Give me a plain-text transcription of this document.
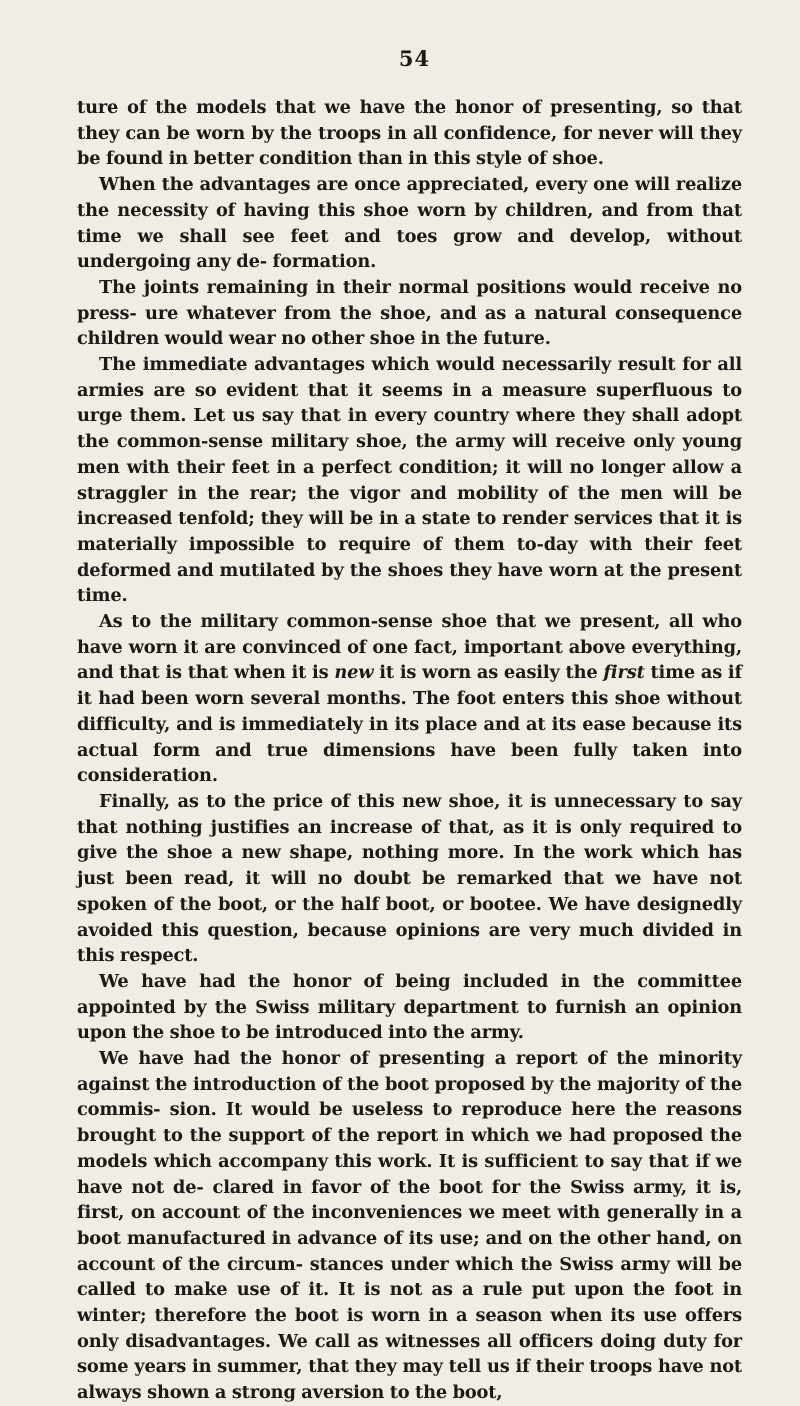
54

ture of the models that we have the honor of presenting, so that they can be worn by the troops in all confidence, for never will they be found in better condition than in this style of shoe.

When the advantages are once appreciated, every one will realize the necessity of having this shoe worn by children, and from that time we shall see feet and toes grow and develop, without undergoing any de- formation.

The joints remaining in their normal positions would receive no press- ure whatever from the shoe, and as a natural consequence children would wear no other shoe in the future.

The immediate advantages which would necessarily result for all armies are so evident that it seems in a measure superfluous to urge them. Let us say that in every country where they shall adopt the common-sense military shoe, the army will receive only young men with their feet in a perfect condition; it will no longer allow a straggler in the rear; the vigor and mobility of the men will be increased tenfold; they will be in a state to render services that it is materially impossible to require of them to-day with their feet deformed and mutilated by the shoes they have worn at the present time.

As to the military common-sense shoe that we present, all who have worn it are convinced of one fact, important above everything, and that is that when it is new it is worn as easily the first time as if it had been worn several months. The foot enters this shoe without difficulty, and is immediately in its place and at its ease because its actual form and true dimensions have been fully taken into consideration.

Finally, as to the price of this new shoe, it is unnecessary to say that nothing justifies an increase of that, as it is only required to give the shoe a new shape, nothing more. In the work which has just been read, it will no doubt be remarked that we have not spoken of the boot, or the half boot, or bootee. We have designedly avoided this question, because opinions are very much divided in this respect.

We have had the honor of being included in the committee appointed by the Swiss military department to furnish an opinion upon the shoe to be introduced into the army.

We have had the honor of presenting a report of the minority against the introduction of the boot proposed by the majority of the commis- sion. It would be useless to reproduce here the reasons brought to the support of the report in which we had proposed the models which accompany this work. It is sufficient to say that if we have not de- clared in favor of the boot for the Swiss army, it is, first, on account of the inconveniences we meet with generally in a boot manufactured in advance of its use; and on the other hand, on account of the circum- stances under which the Swiss army will be called to make use of it. It is not as a rule put upon the foot in winter; therefore the boot is worn in a season when its use offers only disadvantages. We call as witnesses all officers doing duty for some years in summer, that they may tell us if their troops have not always shown a strong aversion to the boot,
